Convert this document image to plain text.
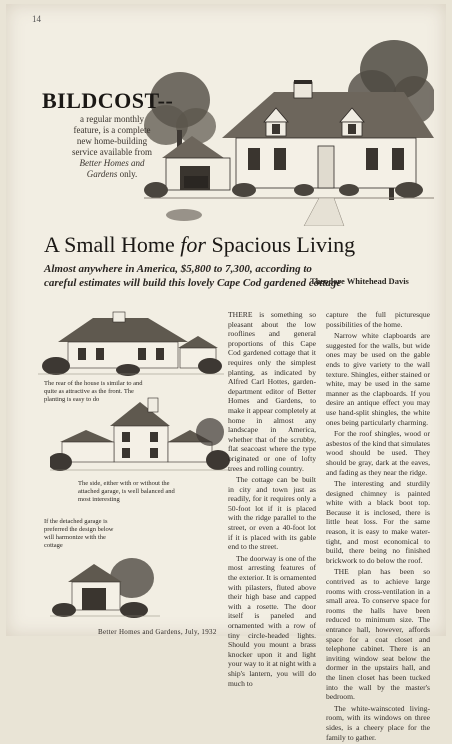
14
BILDCOST--
a regular monthly
feature, is a complete
new home-building
service available from
Better Homes and Gardens only.
A Small Home for Spacious Living
Almost anywhere in America, $5,800 to 7,300, according to careful estimates will build this lovely Cape Cod gardened cottage
Theodore Whitehead Davis
The rear of the house is similar to and quite as attractive as the front. The planting is easy to do
The side, either with or without the attached garage, is well balanced and most interesting
If the detached garage is preferred the design below will harmonize with the cottage

THERE is something so pleasant about the low rooflines and general proportions of this Cape Cod gardened cottage that it requires only the simplest planting, as indicated by Alfred Carl Hottes, garden-department editor of Better Homes and Gardens, to make it appear completely at home in almost any landscape in America, whether that of the scrubby, flat seacoast where the type originated or one of lofty trees and rolling country.

The cottage can be built in city and town just as readily, for it requires only a 50-foot lot if it is placed with the ridge parallel to the street, or even a 40-foot lot if it is placed with its gable end to the street.

The doorway is one of the most arresting features of the exterior. It is ornamented with pilasters, fluted above their high base and capped with a rosette. The door itself is paneled and ornamented with a row of tiny circle-headed lights. Should you mount a brass knocker upon it and light your way to it at night with a ship's lantern, you will do much to

capture the full picturesque possibilities of the home.

Narrow white clapboards are suggested for the walls, but wide ones may be used on the gable ends to give variety to the wall texture. Shingles, either stained or white, may be used in the same manner as the clapboards. If you desire an antique effect you may use hand-split shingles, the white ones being particularly charming.

For the roof shingles, wood or asbestos of the kind that simulates wood should be used. They should be gray, dark at the eaves, and fading as they near the ridge.

The interesting and sturdily designed chimney is painted white with a black boot top. Because it is inclosed, there is little heat loss. For the same reason, it is easy to make water-tight, and most economical to build, there being no finished brickwork to do below the roof.

THE plan has been so contrived as to achieve large rooms with cross-ventilation in a small area. To conserve space for rooms the halls have been reduced to minimum size. The entrance hall, however, affords space for a coat closet and telephone cabinet. There is an inviting window seat below the dormer in the upstairs hall, and the linen closet has been tucked into the wall by the master's bedroom.

The white-wainscoted living-room, with its windows on three sides, is a cheery place for the family to gather.

Better Homes and Gardens, July, 1932
